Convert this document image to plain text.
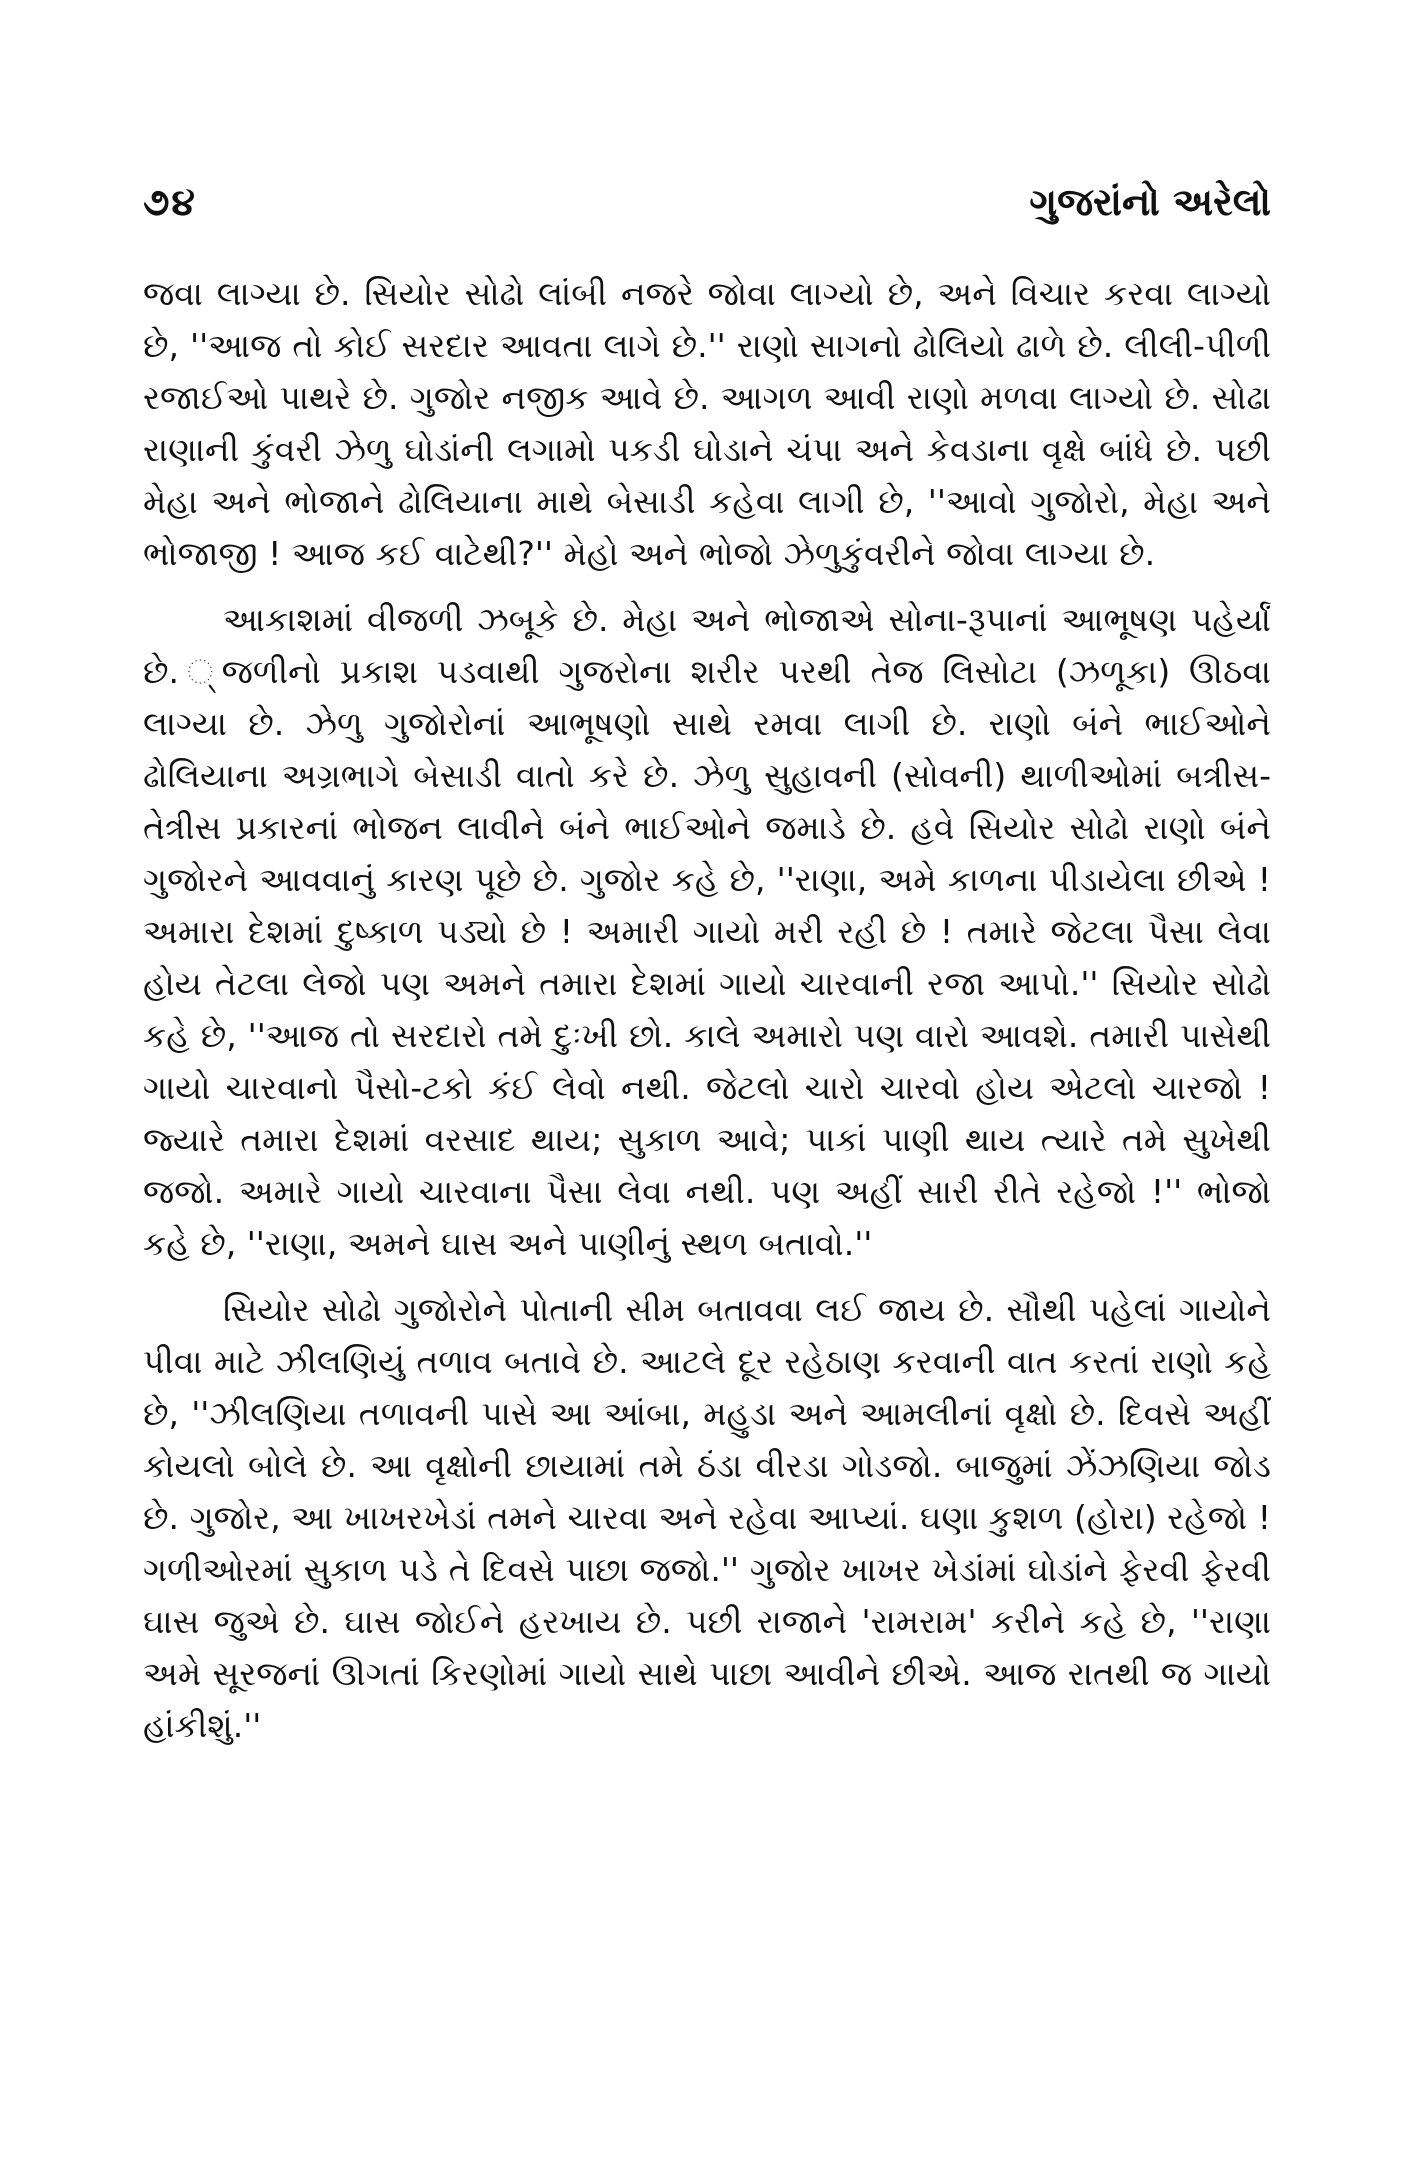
૭૪	ગુજરાંનો અરેલો

જવા લાગ્યા છે. સિયોર સોઢો લાંબી નજરે જોવા લાગ્યો છે, અને વિચાર કરવા લાગ્યો છે, ''આજ તો કોઈ સરદાર આવતા લાગે છે.'' રાણો સાગનો ઢોલિયો ઢાળે છે. લીલી-પીળી રજાઈઓ પાથરે છે. ગુજોર નજીક આવે છે. આગળ આવી રાણો મળવા લાગ્યો છે. સોઢા રાણાની કુંવરી ઝેળુ ઘોડાંની લગામો પકડી ઘોડાને ચંપા અને કેવડાના વૃક્ષે બાંધે છે. પછી મેહા અને ભોજાને ઢોલિયાના માથે બેસાડી કહેવા લાગી છે, ''આવો ગુજોરો, મેહા અને ભોજાજી ! આજ કઈ વાટેથી?'' મેહો અને ભોજો ઝેળુકુંવરીને જોવા લાગ્યા છે.

આકાશમાં વીજળી ઝબૂકે છે. મેહા અને ભોજાએ સોના-રૂપાનાં આભૂષણ પહેર્યાં છે. ્‌જળીનો પ્રકાશ પડવાથી ગુજરોના શરીર પરથી તેજ લિસોટા (ઝળૂકા) ઊઠવા લાગ્યા છે. ઝેળુ ગુજોરોનાં આભૂષણો સાથે રમવા લાગી છે. રાણો બંને ભાઈઓને ઢોલિયાના અગ્રભાગે બેસાડી વાતો કરે છે. ઝેળુ સુહાવની (સોવની) થાળીઓમાં બત્રીસ-તેત્રીસ પ્રકારનાં ભોજન લાવીને બંને ભાઈઓને જમાડે છે. હવે સિયોર સોઢો રાણો બંને ગુજોરને આવવાનું કારણ પૂછે છે. ગુજોર કહે છે, ''રાણા, અમે કાળના પીડાયેલા છીએ ! અમારા દેશમાં દુષ્કાળ પડ્યો છે ! અમારી ગાયો મરી રહી છે ! તમારે જેટલા પૈસા લેવા હોય તેટલા લેજો પણ અમને તમારા દેશમાં ગાયો ચારવાની રજા આપો.'' સિયોર સોઢો કહે છે, ''આજ તો સરદારો તમે દુઃખી છો. કાલે અમારો પણ વારો આવશે. તમારી પાસેથી ગાયો ચારવાનો પૈસો-ટકો કંઈ લેવો નથી. જેટલો ચારો ચારવો હોય એટલો ચારજો ! જ્યારે તમારા દેશમાં વરસાદ થાય; સુકાળ આવે; પાકાં પાણી થાય ત્યારે તમે સુખેથી જજો. અમારે ગાયો ચારવાના પૈસા લેવા નથી. પણ અહીં સારી રીતે રહેજો !'' ભોજો કહે છે, ''રાણા, અમને ઘાસ અને પાણીનું સ્થળ બતાવો.''

સિયોર સોઢો ગુજોરોને પોતાની સીમ બતાવવા લઈ જાય છે. સૌથી પહેલાં ગાયોને પીવા માટે ઝીલણિયું તળાવ બતાવે છે. આટલે દૂર રહેઠાણ કરવાની વાત કરતાં રાણો કહે છે, ''ઝીલણિયા તળાવની પાસે આ આંબા, મહુડા અને આમલીનાં વૃક્ષો છે. દિવસે અહીં કોયલો બોલે છે. આ વૃક્ષોની છાયામાં તમે ઠંડા વીરડા ગોડજો. બાજુમાં ઝેંઝણિયા જોડ છે. ગુજોર, આ ખાખરખેડાં તમને ચારવા અને રહેવા આપ્યાં. ઘણા કુશળ (હોરા) રહેજો ! ગળીઓરમાં સુકાળ પડે તે દિવસે પાછા જજો.'' ગુજોર ખાખર ખેડાંમાં ઘોડાંને ફેરવી ફેરવી ઘાસ જુએ છે. ઘાસ જોઈને હરખાય છે. પછી રાજાને 'રામરામ' કરીને કહે છે, ''રાણા અમે સૂરજનાં ઊગતાં કિરણોમાં ગાયો સાથે પાછા આવીને છીએ. આજ રાતથી જ ગાયો હાંકીશું.''
